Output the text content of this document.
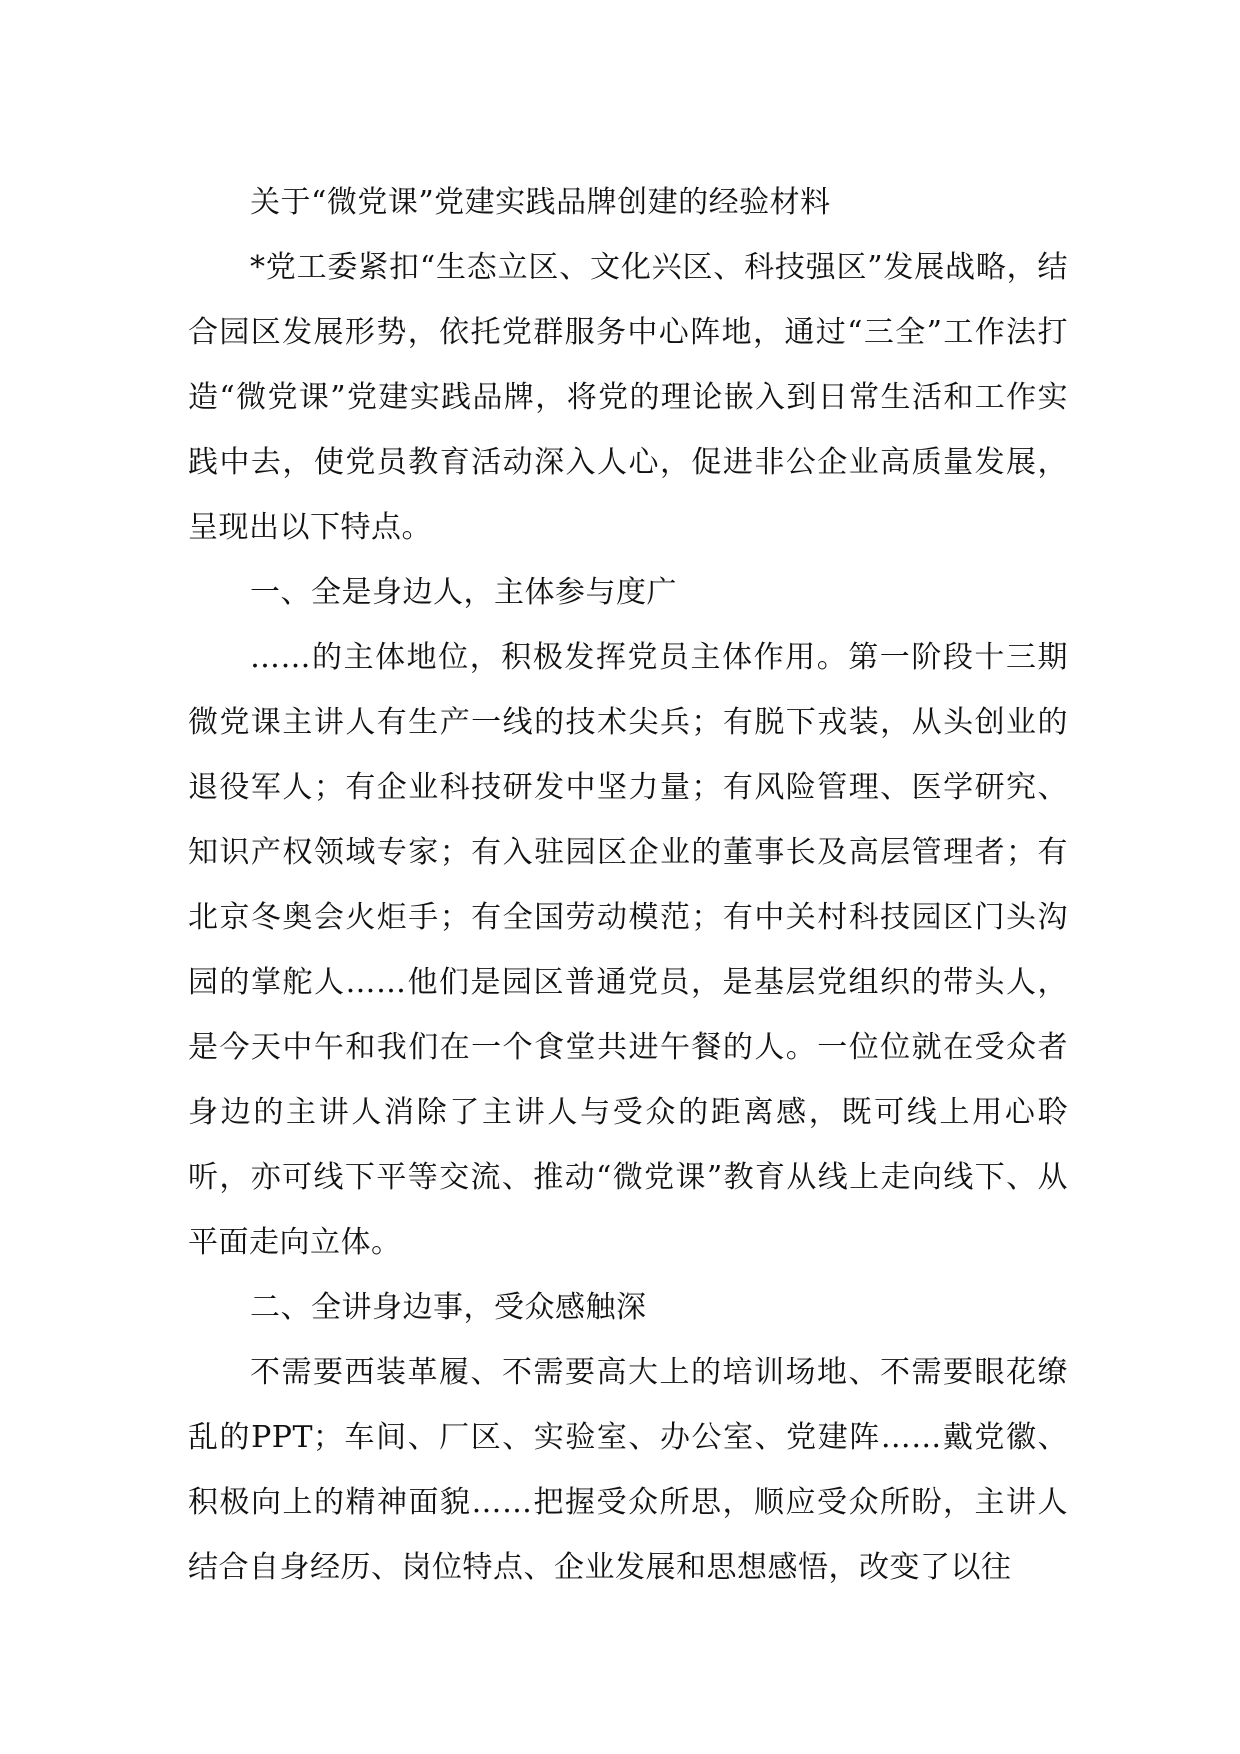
关于“微党课”党建实践品牌创建的经验材料

*党工委紧扣“生态立区、文化兴区、科技强区”发展战略，结合园区发展形势，依托党群服务中心阵地，通过“三全”工作法打造“微党课”党建实践品牌，将党的理论嵌入到日常生活和工作实践中去，使党员教育活动深入人心，促进非公企业高质量发展，呈现出以下特点。

一、全是身边人，主体参与度广

……的主体地位，积极发挥党员主体作用。第一阶段十三期微党课主讲人有生产一线的技术尖兵；有脱下戎装，从头创业的退役军人；有企业科技研发中坚力量；有风险管理、医学研究、知识产权领域专家；有入驻园区企业的董事长及高层管理者；有北京冬奥会火炬手；有全国劳动模范；有中关村科技园区门头沟园的掌舵人……他们是园区普通党员，是基层党组织的带头人，是今天中午和我们在一个食堂共进午餐的人。一位位就在受众者身边的主讲人消除了主讲人与受众的距离感，既可线上用心聆听，亦可线下平等交流、推动“微党课”教育从线上走向线下、从平面走向立体。

二、全讲身边事，受众感触深

不需要西装革履、不需要高大上的培训场地、不需要眼花缭乱的PPT；车间、厂区、实验室、办公室、党建阵……戴党徽、积极向上的精神面貌……把握受众所思，顺应受众所盼，主讲人结合自身经历、岗位特点、企业发展和思想感悟，改变了以往
